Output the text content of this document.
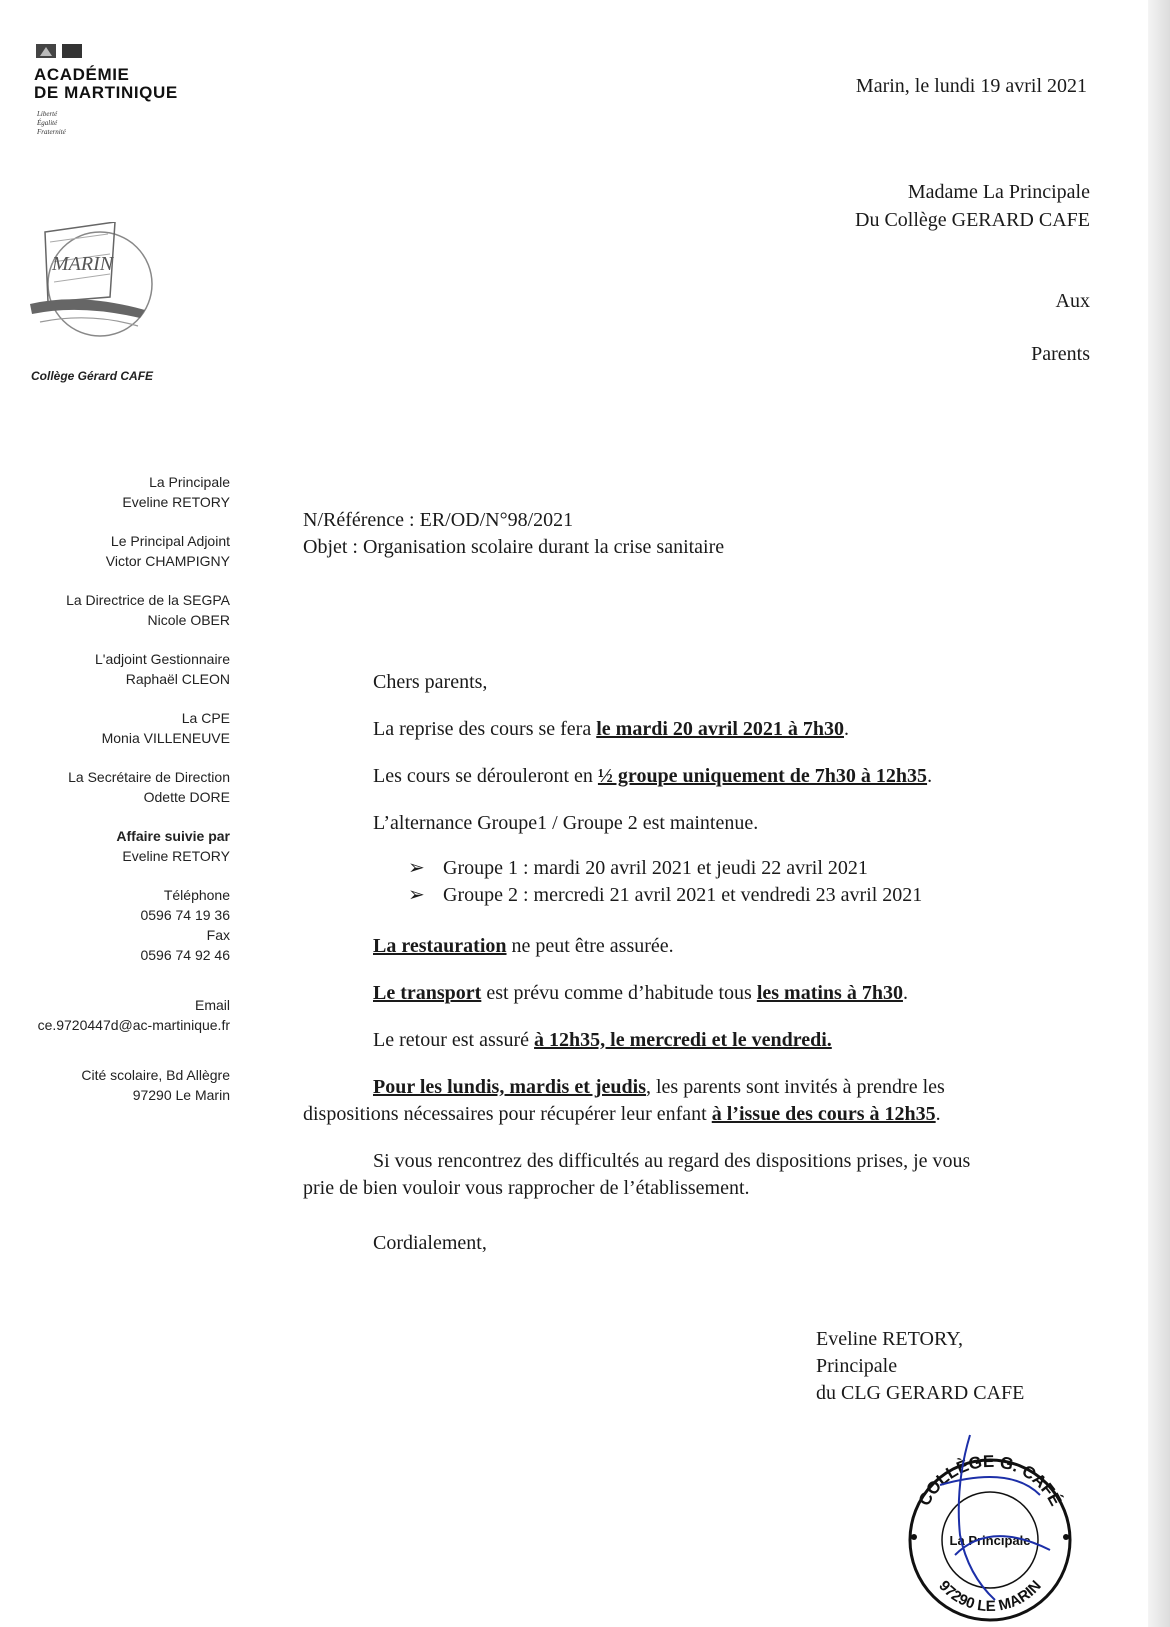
ACADÉMIE
DE MARTINIQUE
Liberté
Égalité
Fraternité
MARIN
Collège Gérard CAFE
Marin, le lundi 19 avril 2021
Madame La Principale
Du Collège GERARD CAFE
Aux
Parents
La Principale
Eveline RETORY
Le Principal Adjoint
Victor CHAMPIGNY
La Directrice de la SEGPA
Nicole OBER
L'adjoint Gestionnaire
Raphaël CLEON
La CPE
Monia VILLENEUVE
La Secrétaire de Direction
Odette DORE
Affaire suivie par
Eveline RETORY
Téléphone
0596 74 19 36
Fax
0596 74 92 46
Email
ce.9720447d@ac-martinique.fr
Cité scolaire, Bd Allègre
97290 Le Marin
N/Référence : ER/OD/N°98/2021
Objet : Organisation scolaire durant la crise sanitaire

Chers parents,

La reprise des cours se fera le mardi 20 avril 2021 à 7h30.

Les cours se dérouleront en ½ groupe uniquement de 7h30 à 12h35.

L’alternance Groupe1 / Groupe 2 est maintenue.

➢ Groupe 1 : mardi 20 avril 2021 et jeudi 22 avril 2021

➢ Groupe 2 : mercredi 21 avril 2021 et vendredi 23 avril 2021

La restauration ne peut être assurée.

Le transport est prévu comme d’habitude tous les matins à 7h30.

Le retour est assuré à 12h35, le mercredi et le vendredi.

Pour les lundis, mardis et jeudis, les parents sont invités à prendre les

dispositions nécessaires pour récupérer leur enfant à l’issue des cours à 12h35.

Si vous rencontrez des difficultés au regard des dispositions prises, je vous

prie de bien vouloir vous rapprocher de l’établissement.

Cordialement,

Eveline RETORY,
Principale
du CLG GERARD CAFE
COLLÈGE G. CAFÉ
97290 LE MARIN
La Principale
